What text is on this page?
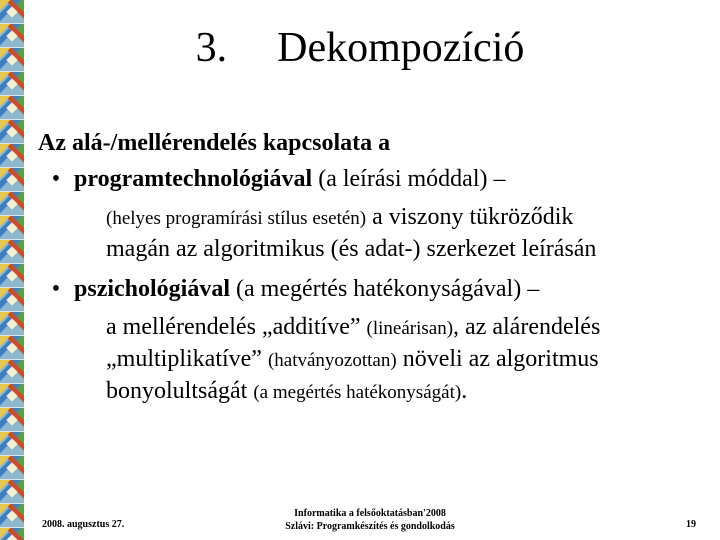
3. Dekompozíció

Az alá-/mellérendelés kapcsolata a

• programtechnológiával (a leírási móddal) –

(helyes programírási stílus esetén) a viszony tükröződik
magán az algoritmikus (és adat-) szerkezet leírásán
• pszichológiával (a megértés hatékonyságával) –

a mellérendelés „additíve” (lineárisan), az alárendelés
„multiplikatíve” (hatványozottan) növeli az algoritmus
bonyolultságát (a megértés hatékonyságát).
2008. augusztus 27.
Informatika a felsőoktatásban'2008
Szlávi: Programkészítés és gondolkodás	19
